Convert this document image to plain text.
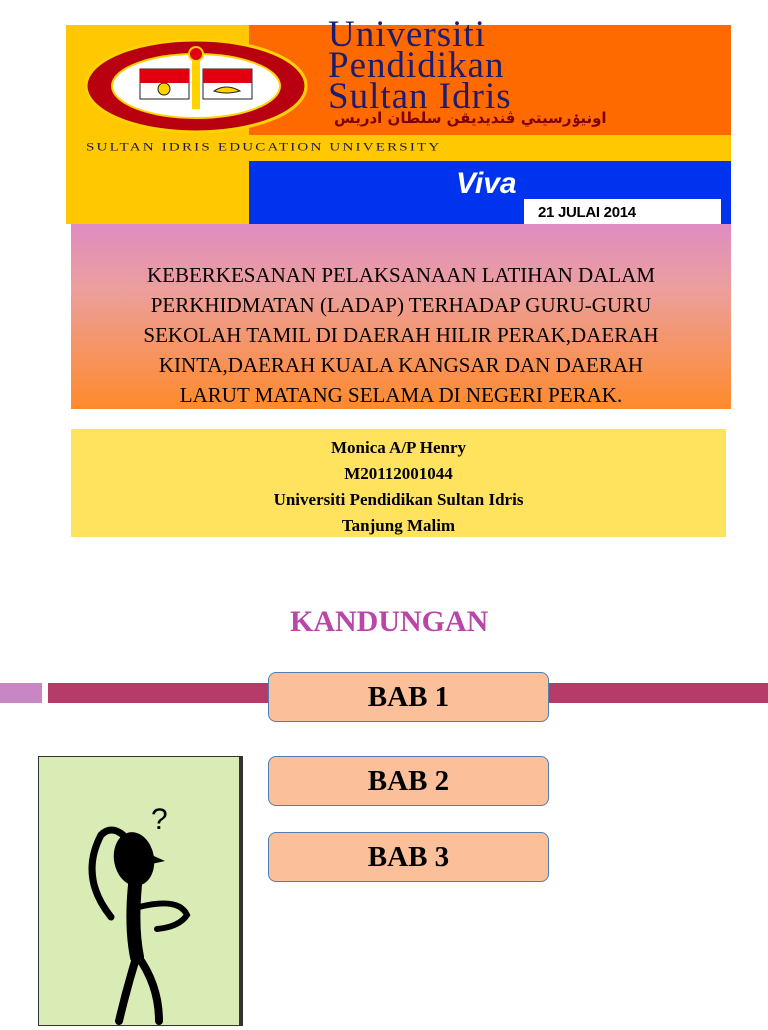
Universiti
Pendidikan
Sultan Idris
اونيۏرسيتي ڤنديديقن سلطان ادريس
SULTAN IDRIS EDUCATION UNIVERSITY
Viva
21 JULAI 2014
KEBERKESANAN PELAKSANAAN LATIHAN DALAM
PERKHIDMATAN (LADAP) TERHADAP GURU-GURU
SEKOLAH TAMIL DI DAERAH HILIR PERAK,DAERAH
KINTA,DAERAH KUALA KANGSAR DAN DAERAH
LARUT MATANG SELAMA DI NEGERI PERAK.
Monica A/P Henry
M20112001044
Universiti Pendidikan Sultan Idris
Tanjung Malim
KANDUNGAN
BAB 1
BAB 2
BAB 3
?
